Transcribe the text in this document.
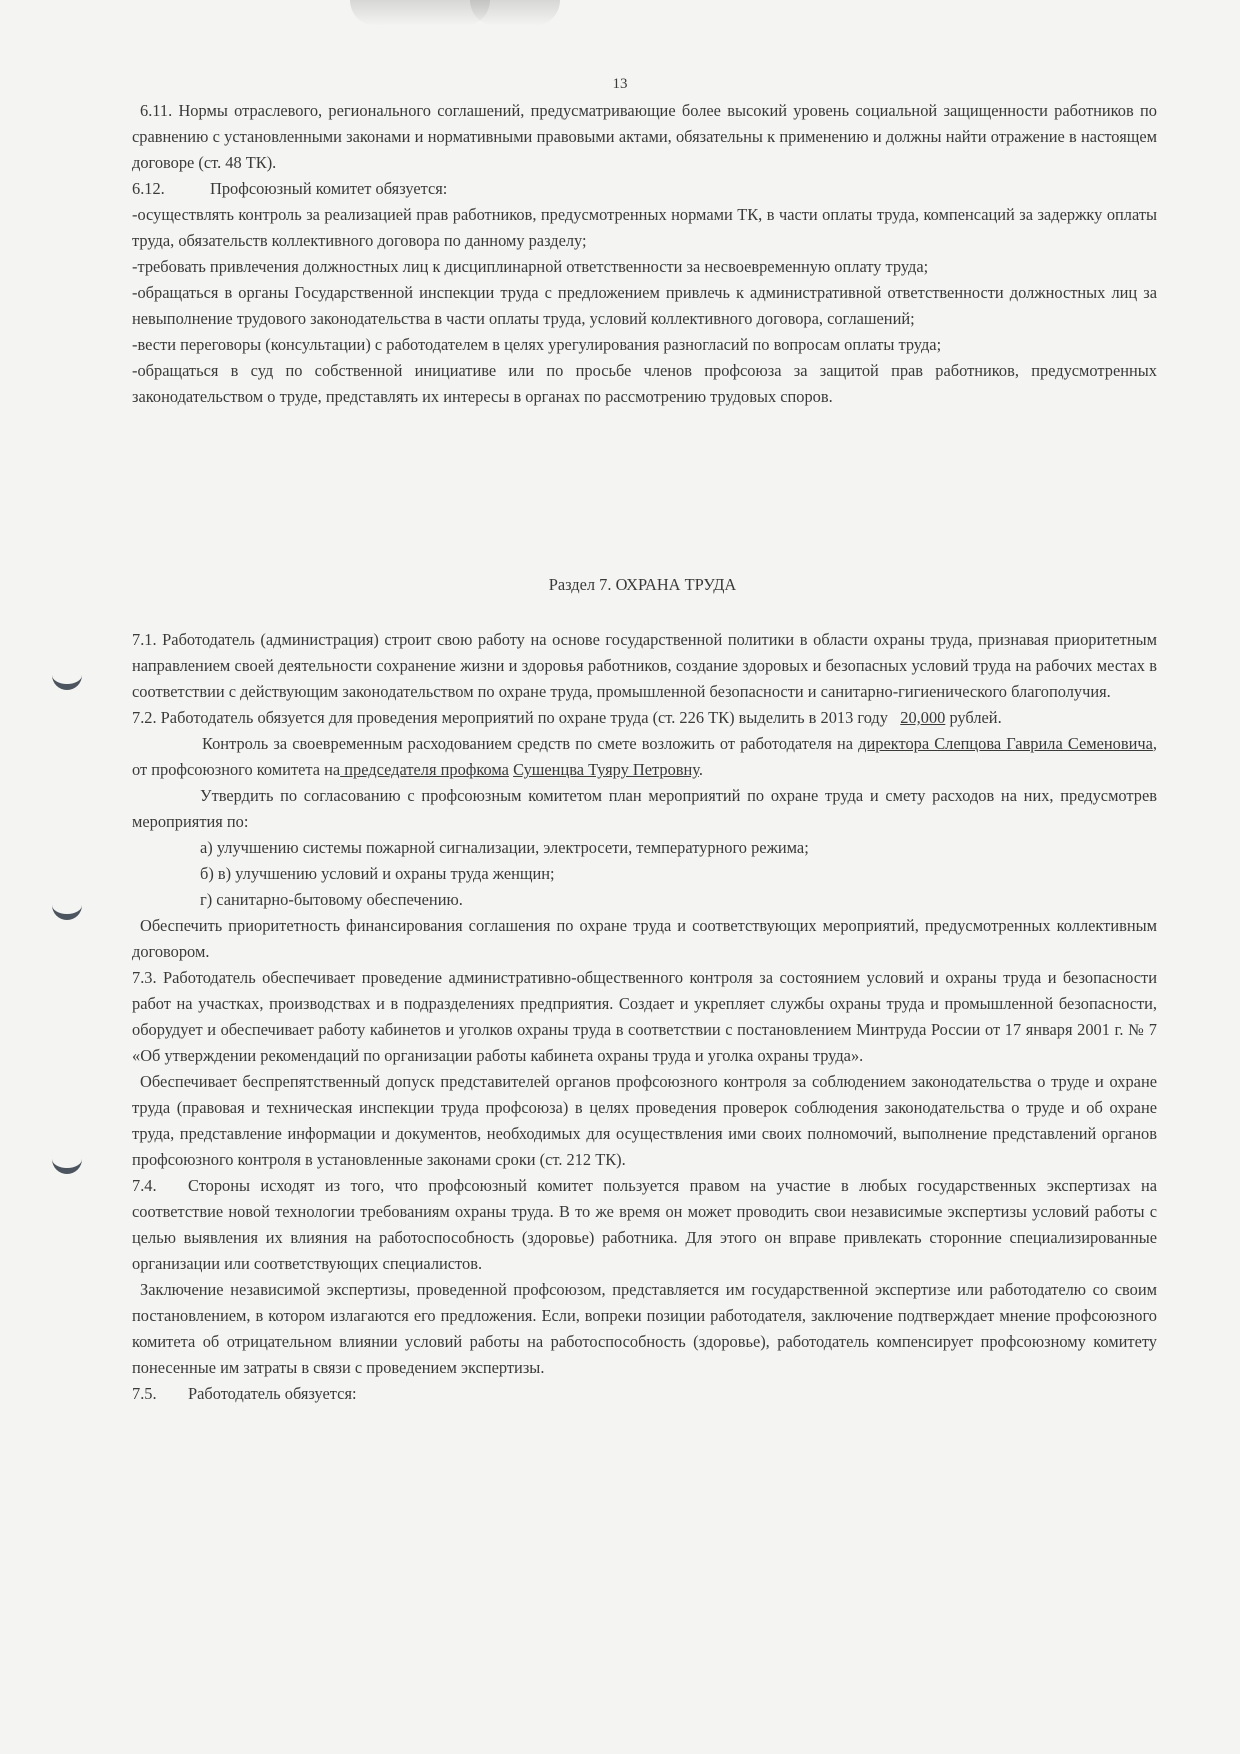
13

6.11. Нормы отраслевого, регионального соглашений, предусматривающие более высокий уровень социальной защищенности работников по сравнению с установленными законами и нормативными правовыми актами, обязательны к применению и должны найти отражение в настоящем договоре (ст. 48 ТК).

6.12.	Профсоюзный комитет обязуется:

-осуществлять контроль за реализацией прав работников, предусмотренных нормами ТК, в части оплаты труда, компенсаций за задержку оплаты труда, обязательств коллективного договора по данному разделу;

-требовать привлечения должностных лиц к дисциплинарной ответственности за несвоевременную оплату труда;

-обращаться в органы Государственной инспекции труда с предложением привлечь к административной ответственности должностных лиц за невыполнение трудового законодательства в части оплаты труда, условий коллективного договора, соглашений;

-вести переговоры (консультации) с работодателем в целях урегулирования разногласий по вопросам оплаты труда;

-обращаться в суд по собственной инициативе или по просьбе членов профсоюза за защитой прав работников, предусмотренных законодательством о труде, представлять их интересы в органах по рассмотрению трудовых споров.

Раздел 7. ОХРАНА ТРУДА

7.1. Работодатель (администрация) строит свою работу на основе государственной политики в области охраны труда, признавая приоритетным направлением своей деятельности сохранение жизни и здоровья работников, создание здоровых и безопасных условий труда на рабочих местах в соответствии с действующим законодательством по охране труда, промышленной безопасности и санитарно-гигиенического благополучия.

7.2. Работодатель обязуется для проведения мероприятий по охране труда (ст. 226 ТК) выделить в 2013 году 20,000 рублей.

Контроль за своевременным расходованием средств по смете возложить от работодателя на директора Слепцова Гаврила Семеновича, от профсоюзного комитета на председателя профкома Сушенцва Туяру Петровну.

Утвердить по согласованию с профсоюзным комитетом план мероприятий по охране труда и смету расходов на них, предусмотрев мероприятия по:

а) улучшению системы пожарной сигнализации, электросети, температурного режима;

б) в) улучшению условий и охраны труда женщин;

г) санитарно-бытовому обеспечению.

Обеспечить приоритетность финансирования соглашения по охране труда и соответствующих мероприятий, предусмотренных коллективным договором.

7.3. Работодатель обеспечивает проведение административно-общественного контроля за состоянием условий и охраны труда и безопасности работ на участках, производствах и в подразделениях предприятия. Создает и укрепляет службы охраны труда и промышленной безопасности, оборудует и обеспечивает работу кабинетов и уголков охраны труда в соответствии с постановлением Минтруда России от 17 января 2001 г. № 7 «Об утверждении рекомендаций по организации работы кабинета охраны труда и уголка охраны труда».

Обеспечивает беспрепятственный допуск представителей органов профсоюзного контроля за соблюдением законодательства о труде и охране труда (правовая и техническая инспекции труда профсоюза) в целях проведения проверок соблюдения законодательства о труде и об охране труда, представление информации и документов, необходимых для осуществления ими своих полномочий, выполнение представлений органов профсоюзного контроля в установленные законами сроки (ст. 212 ТК).

7.4. Стороны исходят из того, что профсоюзный комитет пользуется правом на участие в любых государственных экспертизах на соответствие новой технологии требованиям охраны труда. В то же время он может проводить свои независимые экспертизы условий работы с целью выявления их влияния на работоспособность (здоровье) работника. Для этого он вправе привлекать сторонние специализированные организации или соответствующих специалистов.

Заключение независимой экспертизы, проведенной профсоюзом, представляется им государственной экспертизе или работодателю со своим постановлением, в котором излагаются его предложения. Если, вопреки позиции работодателя, заключение подтверждает мнение профсоюзного комитета об отрицательном влиянии условий работы на работоспособность (здоровье), работодатель компенсирует профсоюзному комитету понесенные им затраты в связи с проведением экспертизы.

7.5. Работодатель обязуется:
